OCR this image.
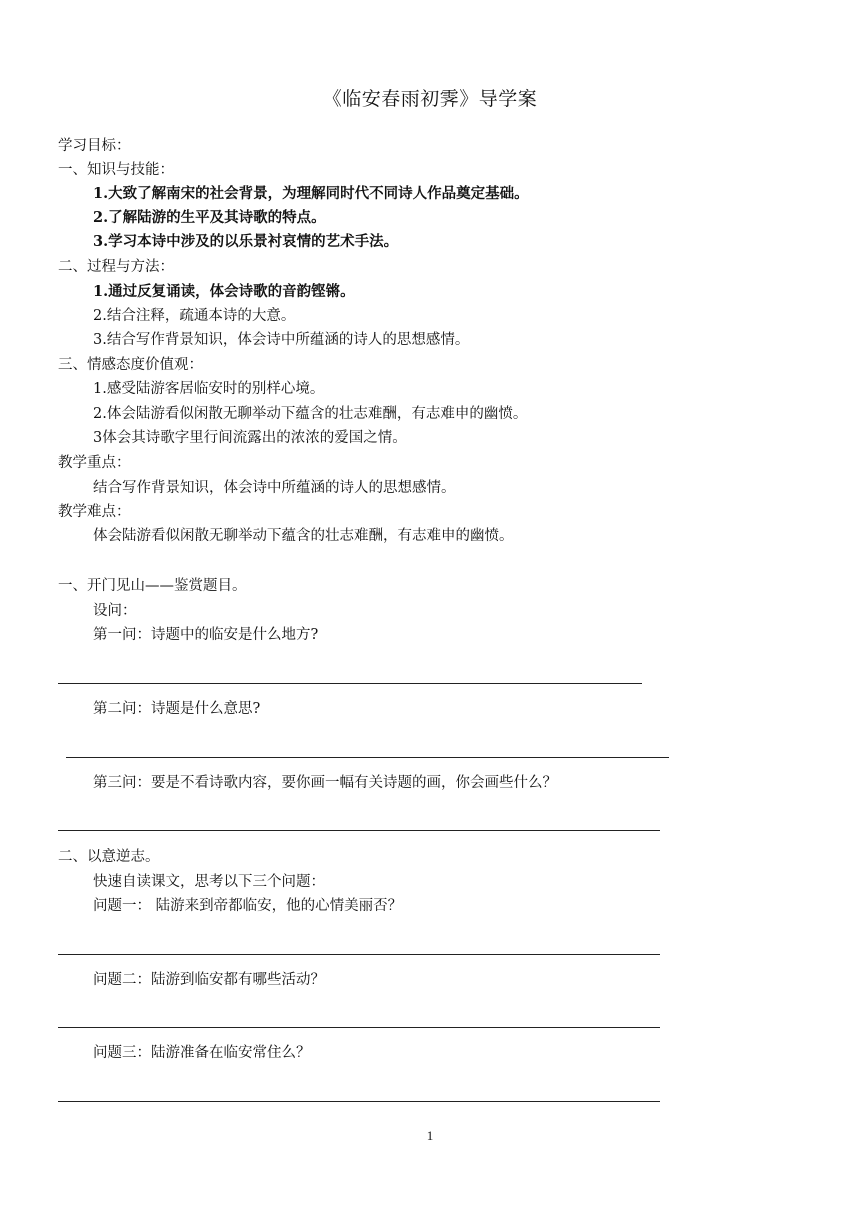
《临安春雨初霁》导学案
学习目标：
一、知识与技能：
1.大致了解南宋的社会背景，为理解同时代不同诗人作品奠定基础。
2.了解陆游的生平及其诗歌的特点。
3.学习本诗中涉及的以乐景衬哀情的艺术手法。
二、过程与方法：
1.通过反复诵读，体会诗歌的音韵铿锵。
2.结合注释，疏通本诗的大意。
3.结合写作背景知识，体会诗中所蕴涵的诗人的思想感情。
三、情感态度价值观：
1.感受陆游客居临安时的别样心境。
2.体会陆游看似闲散无聊举动下蕴含的壮志难酬，有志难申的幽愤。
3体会其诗歌字里行间流露出的浓浓的爱国之情。
教学重点：
结合写作背景知识，体会诗中所蕴涵的诗人的思想感情。
教学难点：
体会陆游看似闲散无聊举动下蕴含的壮志难酬，有志难申的幽愤。
一、开门见山——鉴赏题目。
设问：
第一问：诗题中的临安是什么地方?
第二问：诗题是什么意思?
第三问：要是不看诗歌内容，要你画一幅有关诗题的画，你会画些什么？
二、以意逆志。
快速自读课文，思考以下三个问题：
问题一： 陆游来到帝都临安，他的心情美丽否？
问题二：陆游到临安都有哪些活动？
问题三：陆游准备在临安常住么？
1
